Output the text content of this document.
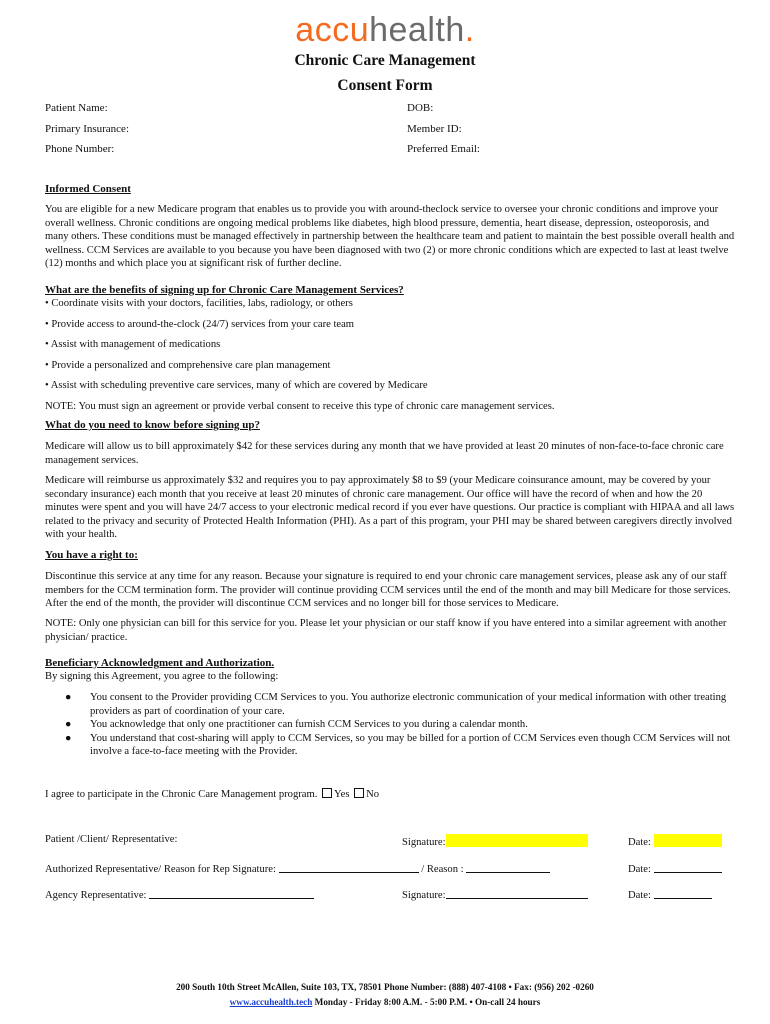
accuhealth.
Chronic Care Management
Consent Form
Patient Name:	DOB:
Primary Insurance:	Member ID:
Phone Number:	Preferred Email:
Informed Consent
You are eligible for a new Medicare program that enables us to provide you with around-theclock service to oversee your chronic conditions and improve your overall wellness. Chronic conditions are ongoing medical problems like diabetes, high blood pressure, dementia, heart disease, depression, osteoporosis, and many others. These conditions must be managed effectively in partnership between the healthcare team and patient to maintain the best possible overall health and wellness. CCM Services are available to you because you have been diagnosed with two (2) or more chronic conditions which are expected to last at least twelve (12) months and which place you at significant risk of further decline.
What are the benefits of signing up for Chronic Care Management Services?
• Coordinate visits with your doctors, facilities, labs, radiology, or others
• Provide access to around-the-clock (24/7) services from your care team
• Assist with management of medications
• Provide a personalized and comprehensive care plan management
• Assist with scheduling preventive care services, many of which are covered by Medicare
NOTE: You must sign an agreement or provide verbal consent to receive this type of chronic care management services.
What do you need to know before signing up?
Medicare will allow us to bill approximately $42 for these services during any month that we have provided at least 20 minutes of non-face-to-face chronic care management services.
Medicare will reimburse us approximately $32 and requires you to pay approximately $8 to $9 (your Medicare coinsurance amount, may be covered by your secondary insurance) each month that you receive at least 20 minutes of chronic care management. Our office will have the record of when and how the 20 minutes were spent and you will have 24/7 access to your electronic medical record if you ever have questions. Our practice is compliant with HIPAA and all laws related to the privacy and security of Protected Health Information (PHI). As a part of this program, your PHI may be shared between caregivers directly involved with your health.
You have a right to:
Discontinue this service at any time for any reason. Because your signature is required to end your chronic care management services, please ask any of our staff members for the CCM termination form. The provider will continue providing CCM services until the end of the month and may bill Medicare for those services. After the end of the month, the provider will discontinue CCM services and no longer bill for those services to Medicare.
NOTE: Only one physician can bill for this service for you. Please let your physician or our staff know if you have entered into a similar agreement with another physician/ practice.
Beneficiary Acknowledgment and Authorization.
By signing this Agreement, you agree to the following:
● You consent to the Provider providing CCM Services to you. You authorize electronic communication of your medical information with other treating providers as part of coordination of your care.
● You acknowledge that only one practitioner can furnish CCM Services to you during a calendar month.
● You understand that cost-sharing will apply to CCM Services, so you may be billed for a portion of CCM Services even though CCM Services will not involve a face-to-face meeting with the Provider.
I agree to participate in the Chronic Care Management program. Yes No
Patient /Client/ Representative:	Signature:	Date:
Authorized Representative/ Reason for Rep Signature:	/ Reason :	Date:
Agency Representative:	Signature:	Date:
200 South 10th Street McAllen, Suite 103, TX, 78501 Phone Number: (888) 407-4108 • Fax: (956) 202 -0260
www.accuhealth.tech Monday - Friday 8:00 A.M. - 5:00 P.M. • On-call 24 hours
